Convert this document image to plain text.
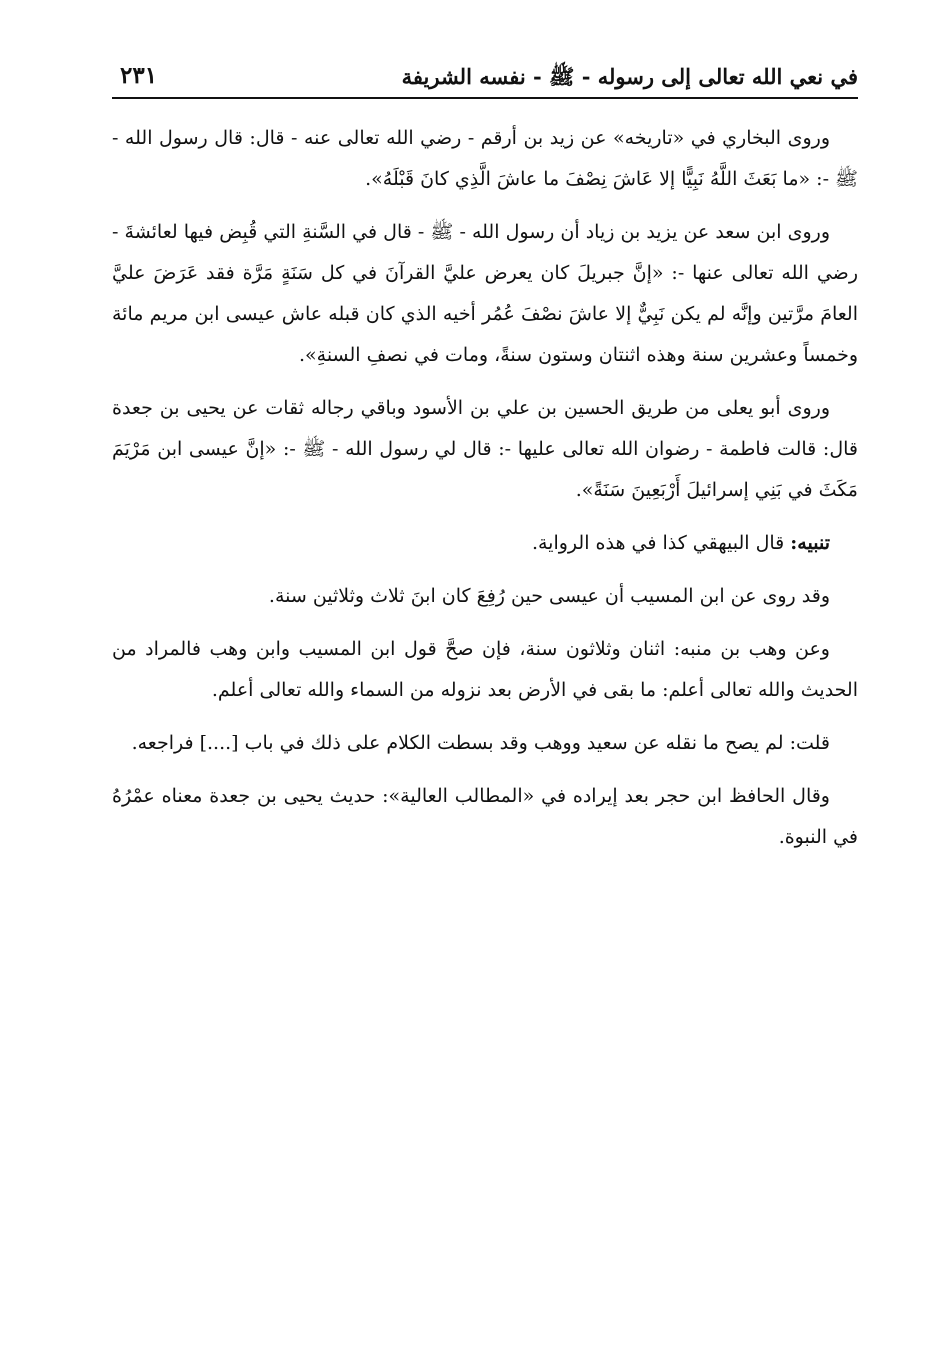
في نعي الله تعالى إلى رسوله - ﷺ - نفسه الشريفة
٢٣١

وروى البخاري في «تاريخه» عن زيد بن أرقم - رضي الله تعالى عنه - قال: قال رسول الله - ﷺ -: «ما بَعَثَ اللَّهُ نَبِيًّا إلا عَاشَ نِصْفَ ما عاشَ الَّذِي كانَ قَبْلَهُ».

وروى ابن سعد عن يزيد بن زياد أن رسول الله - ﷺ - قال في السَّنةِ التي قُبِض فيها لعائشةَ - رضي الله تعالى عنها -: «إنَّ جبريلَ كان يعرض عليَّ القرآنَ في كل سَنَةٍ مَرَّة فقد عَرَضَ عليَّ العامَ مرَّتين وإنَّه لم يكن نَبِيٌّ إلا عاشَ نصْفَ عُمُر أخيه الذي كان قبله عاش عيسى ابن مريم مائة وخمساً وعشرين سنة وهذه اثنتان وستون سنةً، ومات في نصفِ السنةِ».

وروى أبو يعلى من طريق الحسين بن علي بن الأسود وباقي رجاله ثقات عن يحيى بن جعدة قال: قالت فاطمة - رضوان الله تعالى عليها -: قال لي رسول الله - ﷺ -: «إنَّ عيسى ابن مَرْيَمَ مَكَثَ في بَنِي إسرائيلَ أَرْبَعِينَ سَنَةً».

تنبيه: قال البيهقي كذا في هذه الرواية.

وقد روى عن ابن المسيب أن عيسى حين رُفِعَ كان ابنَ ثلاث وثلاثين سنة.

وعن وهب بن منبه: اثنان وثلاثون سنة، فإن صحَّ قول ابن المسيب وابن وهب فالمراد من الحديث والله تعالى أعلم: ما بقى في الأرض بعد نزوله من السماء والله تعالى أعلم.

قلت: لم يصح ما نقله عن سعيد ووهب وقد بسطت الكلام على ذلك في باب [....] فراجعه.

وقال الحافظ ابن حجر بعد إيراده في «المطالب العالية»: حديث يحيى بن جعدة معناه عمْرُهُ في النبوة.
